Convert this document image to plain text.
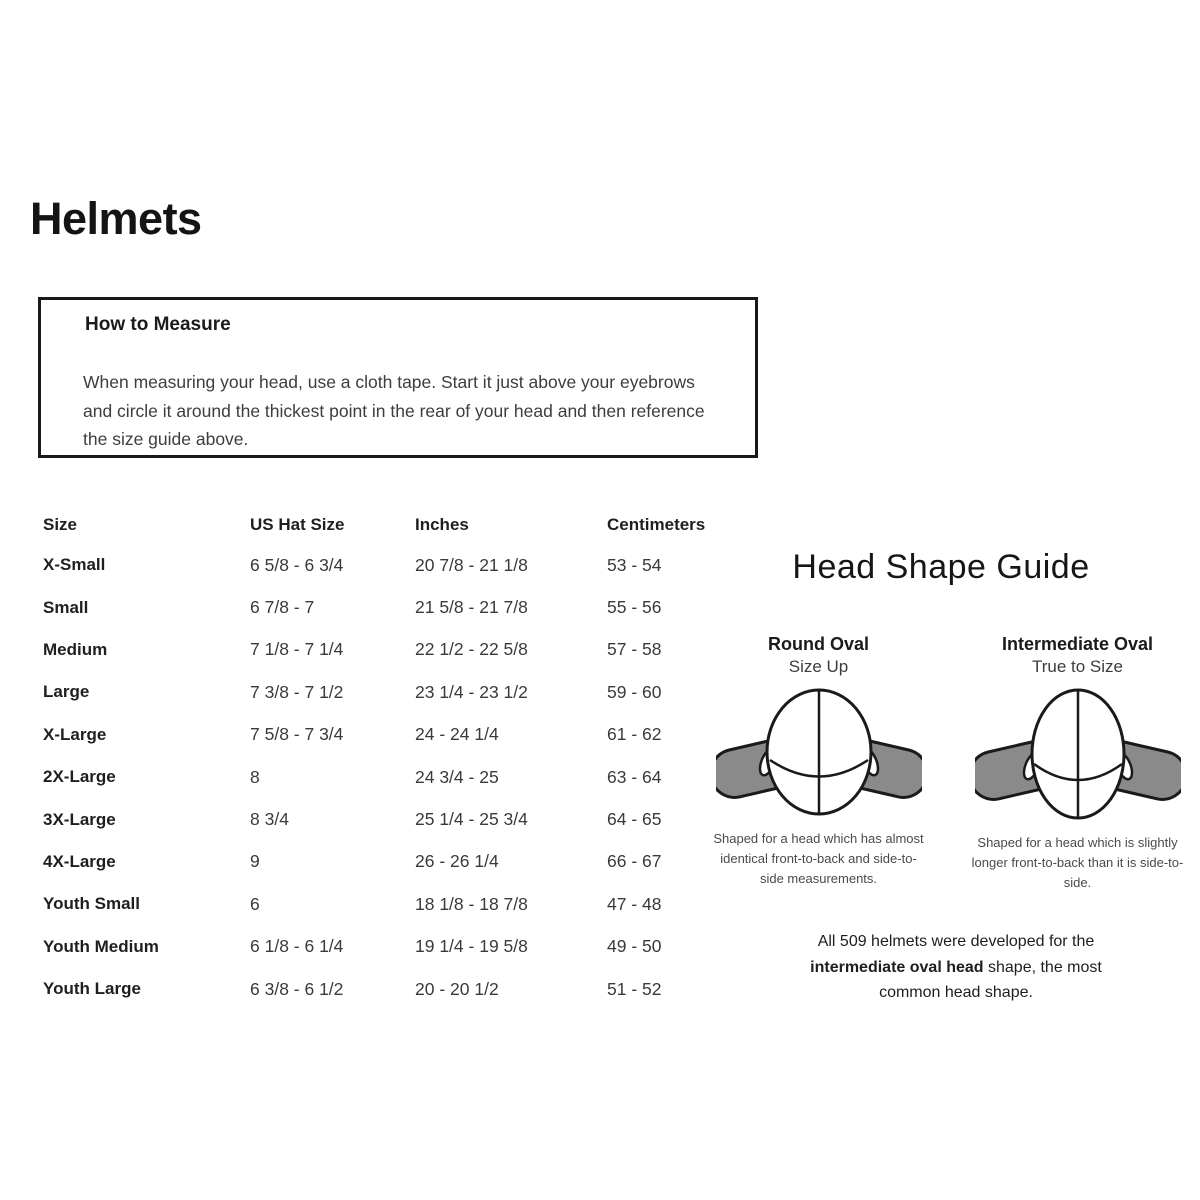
Helmets
How to Measure

When measuring your head, use a cloth tape. Start it just above your eyebrows and circle it around the thickest point in the rear of your head and then reference the size guide above.

Size	US Hat Size	Inches	Centimeters
X-Small	6 5/8 - 6 3/4	20 7/8 - 21 1/8	53 - 54
Small	6 7/8 - 7	21 5/8 - 21 7/8	55 - 56
Medium	7 1/8 - 7 1/4	22 1/2 - 22 5/8	57 - 58
Large	7 3/8 - 7 1/2	23 1/4 - 23 1/2	59 - 60
X-Large	7 5/8 - 7 3/4	24 - 24 1/4	61 - 62
2X-Large	8	24 3/4 - 25	63 - 64
3X-Large	8 3/4	25 1/4 - 25 3/4	64 - 65
4X-Large	9	26 - 26 1/4	66 - 67
Youth Small	6	18 1/8 - 18 7/8	47 - 48
Youth Medium	6 1/8 - 6 1/4	19 1/4 - 19 5/8	49 - 50
Youth Large	6 3/8 - 6 1/2	20 - 20 1/2	51 - 52
Head Shape Guide
Round Oval
Size Up

Shaped for a head which has almost identical front-to-back and side-to-side measurements.

Intermediate Oval
True to Size

Shaped for a head which is slightly longer front-to-back than it is side-to-side.

All 509 helmets were developed for the intermediate oval head shape, the most common head shape.
